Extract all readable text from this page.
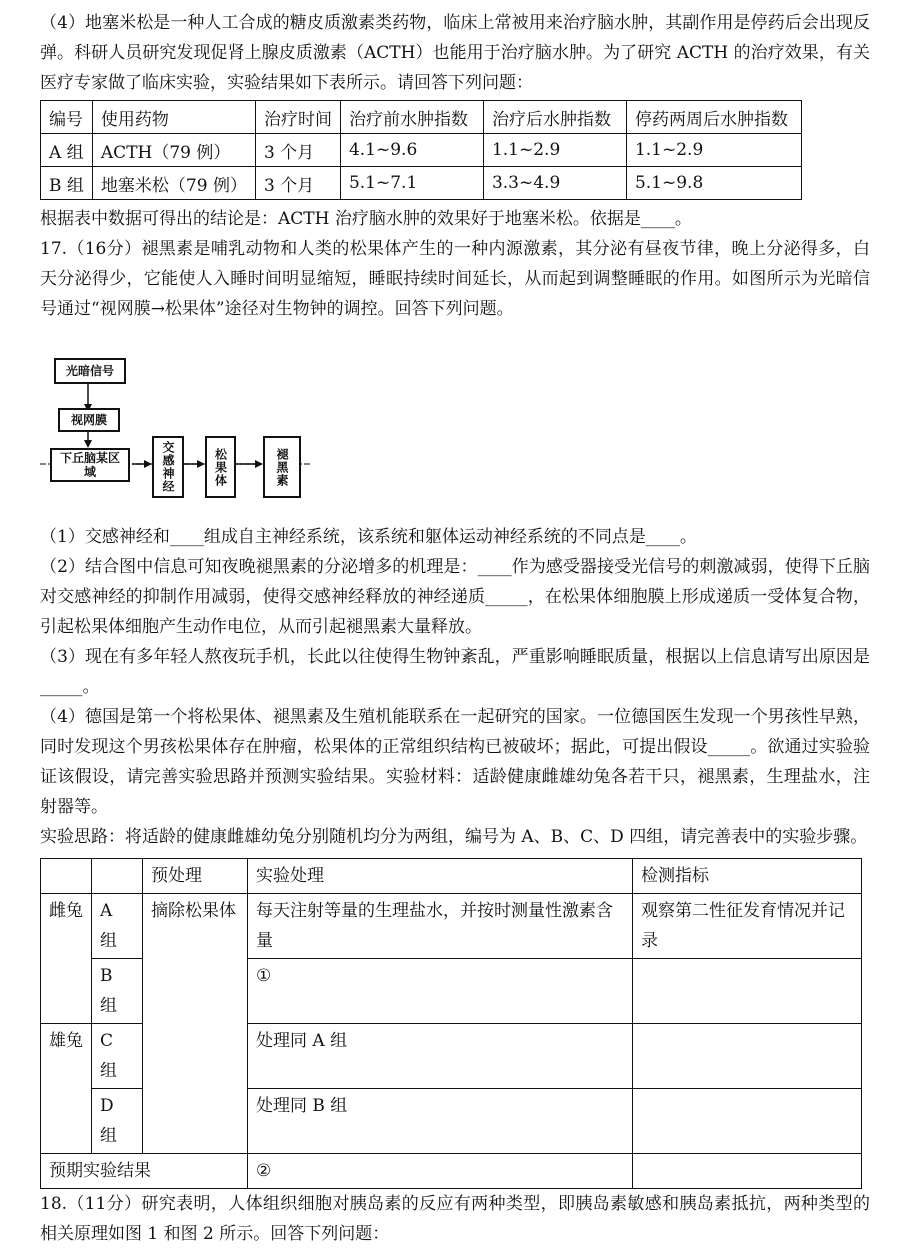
（4）地塞米松是一种人工合成的糖皮质激素类药物，临床上常被用来治疗脑水肿，其副作用是停药后会出现反弹。科研人员研究发现促肾上腺皮质激素（ACTH）也能用于治疗脑水肿。为了研究 ACTH 的治疗效果，有关医疗专家做了临床实验，实验结果如下表所示。请回答下列问题：

编号	使用药物	治疗时间	治疗前水肿指数	治疗后水肿指数	停药两周后水肿指数
A 组	ACTH（79 例）	3 个月	4.1~9.6	1.1~2.9	1.1~2.9
B 组	地塞米松（79 例）	3 个月	5.1~7.1	3.3~4.9	5.1~9.8

根据表中数据可得出的结论是：ACTH 治疗脑水肿的效果好于地塞米松。依据是____。

17.（16分）褪黑素是哺乳动物和人类的松果体产生的一种内源激素，其分泌有昼夜节律，晚上分泌得多，白天分泌得少，它能使人入睡时间明显缩短，睡眠持续时间延长，从而起到调整睡眠的作用。如图所示为光暗信号通过“视网膜→松果体”途径对生物钟的调控。回答下列问题。

光暗信号
视网膜
下丘脑某区域	交感神经	松果体	褪黑素

（1）交感神经和____组成自主神经系统，该系统和躯体运动神经系统的不同点是____。

（2）结合图中信息可知夜晚褪黑素的分泌增多的机理是：____作为感受器接受光信号的刺激减弱，使得下丘脑对交感神经的抑制作用减弱，使得交感神经释放的神经递质_____，在松果体细胞膜上形成递质一受体复合物，引起松果体细胞产生动作电位，从而引起褪黑素大量释放。

（3）现在有多年轻人熬夜玩手机，长此以往使得生物钟紊乱，严重影响睡眠质量，根据以上信息请写出原因是_____。

（4）德国是第一个将松果体、褪黑素及生殖机能联系在一起研究的国家。一位德国医生发现一个男孩性早熟，同时发现这个男孩松果体存在肿瘤，松果体的正常组织结构已被破坏；据此，可提出假设_____。欲通过实验验证该假设，请完善实验思路并预测实验结果。实验材料：适龄健康雌雄幼兔各若干只，褪黑素，生理盐水，注射器等。

实验思路：将适龄的健康雌雄幼兔分别随机均分为两组，编号为 A、B、C、D 四组，请完善表中的实验步骤。

		预处理	实验处理	检测指标
雌兔	A 组	摘除松果体	每天注射等量的生理盐水，并按时测量性激素含量	观察第二性征发育情况并记录
	B 组		①	
雄兔	C 组		处理同 A 组	
	D 组		处理同 B 组	
预期实验结果			②	

18.（11分）研究表明，人体组织细胞对胰岛素的反应有两种类型，即胰岛素敏感和胰岛素抵抗，两种类型的相关原理如图 1 和图 2 所示。回答下列问题：
